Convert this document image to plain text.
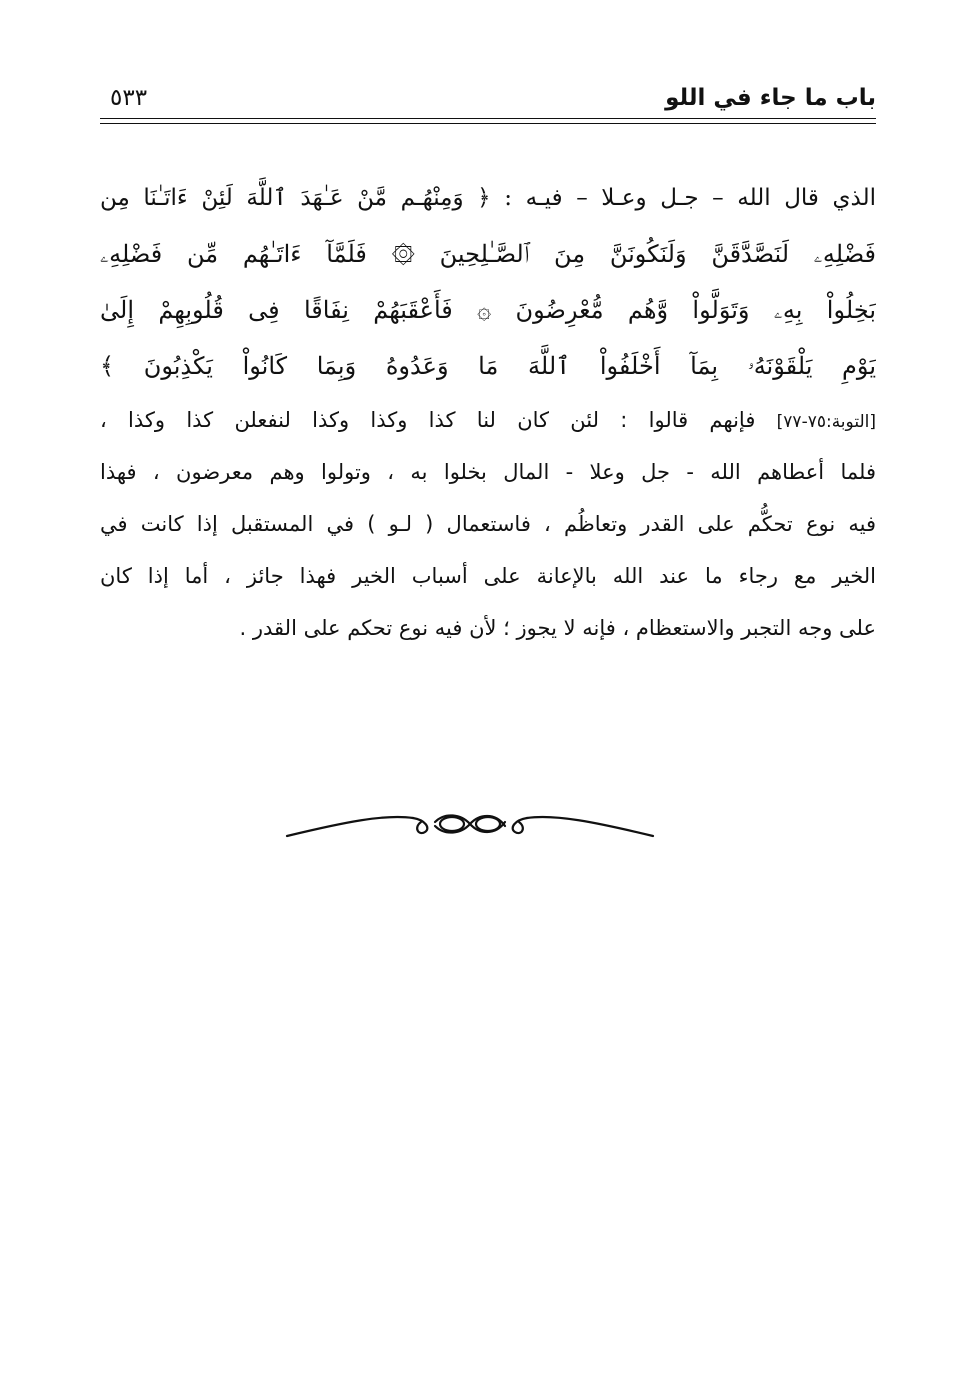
باب ما جاء في اللو
٥٣٣
الذي قال الله – جـل وعـلا – فيـه : ﴿ وَمِنْهُـم مَّنْ عَـٰهَدَ ٱللَّهَ لَئِنْ ءَاتَـٰنَا مِن
فَضْلِهِۦ لَنَصَّدَّقَنَّ وَلَنَكُونَنَّ مِنَ ٱلصَّـٰلِحِينَ ۞ فَلَمَّآ ءَاتَـٰهُم مِّن فَضْلِهِۦ
بَخِلُواْ بِهِۦ وَتَوَلَّواْ وَّهُم مُّعْرِضُونَ ۞ فَأَعْقَبَهُمْ نِفَاقًا فِى قُلُوبِهِمْ إِلَىٰ
يَوْمِ يَلْقَوْنَهُۥ بِمَآ أَخْلَفُواْ ٱللَّهَ مَا وَعَدُوهُ وَبِمَا كَانُواْ يَكْذِبُونَ ﴾
[التوبة:٧٥-٧٧] فإنهم قالوا : لئن كان لنا كذا وكذا وكذا لنفعلن كذا وكذا ،
فلما أعطاهم الله - جل وعلا - المال بخلوا به ، وتولوا وهم معرضون ، فهذا
فيه نوع تحكُّم على القدر وتعاظُم ، فاستعمال ( لـو ) في المستقبل إذا كانت في
الخير مع رجاء ما عند الله بالإعانة على أسباب الخير فهذا جائز ، أما إذا كان
على وجه التجبر والاستعظام ، فإنه لا يجوز ؛ لأن فيه نوع تحكم على القدر .
